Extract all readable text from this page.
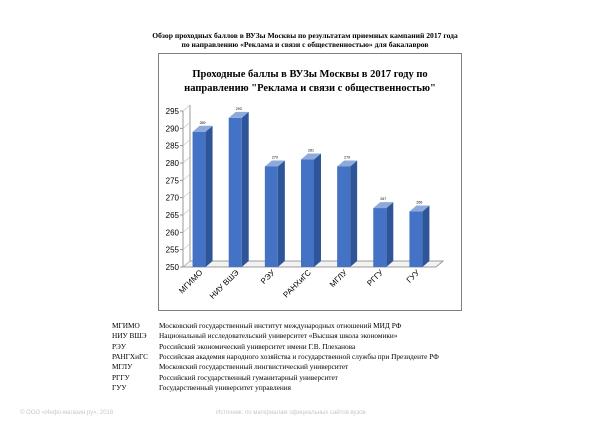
Обзор проходных баллов в ВУЗы Москвы по результатам приемных кампаний 2017 года
по направлению «Реклама и связи с общественностью» для бакалавров
Проходные баллы в ВУЗы Москвы в 2017 году по
направлению "Реклама и связи с общественностью"
250
255
260
265
270
275
280
285
290
295
289
МГИМО
293
НИУ ВШЭ
279
РЭУ
281
РАНХиГС
279
МГЛУ
267
РГГУ
266
ГУУ
МГИМО	Московский государственный институт международных отношений МИД РФ
НИУ ВШЭ	Национальный исследовательский университет «Высшая школа экономики»
РЭУ	Российский экономический университет имени Г.В. Плеханова
РАНГХиГС	Российская академия народного хозяйства и государственной службы при Президенте РФ
МГЛУ	Московский государственный лингвистический университет
РГГУ	Российский государственный гуманитарный университет
ГУУ	Государственный университет управления
© ООО «Инфо-магазин.ру», 2018	Источник: по материалам официальных сайтов вузов
